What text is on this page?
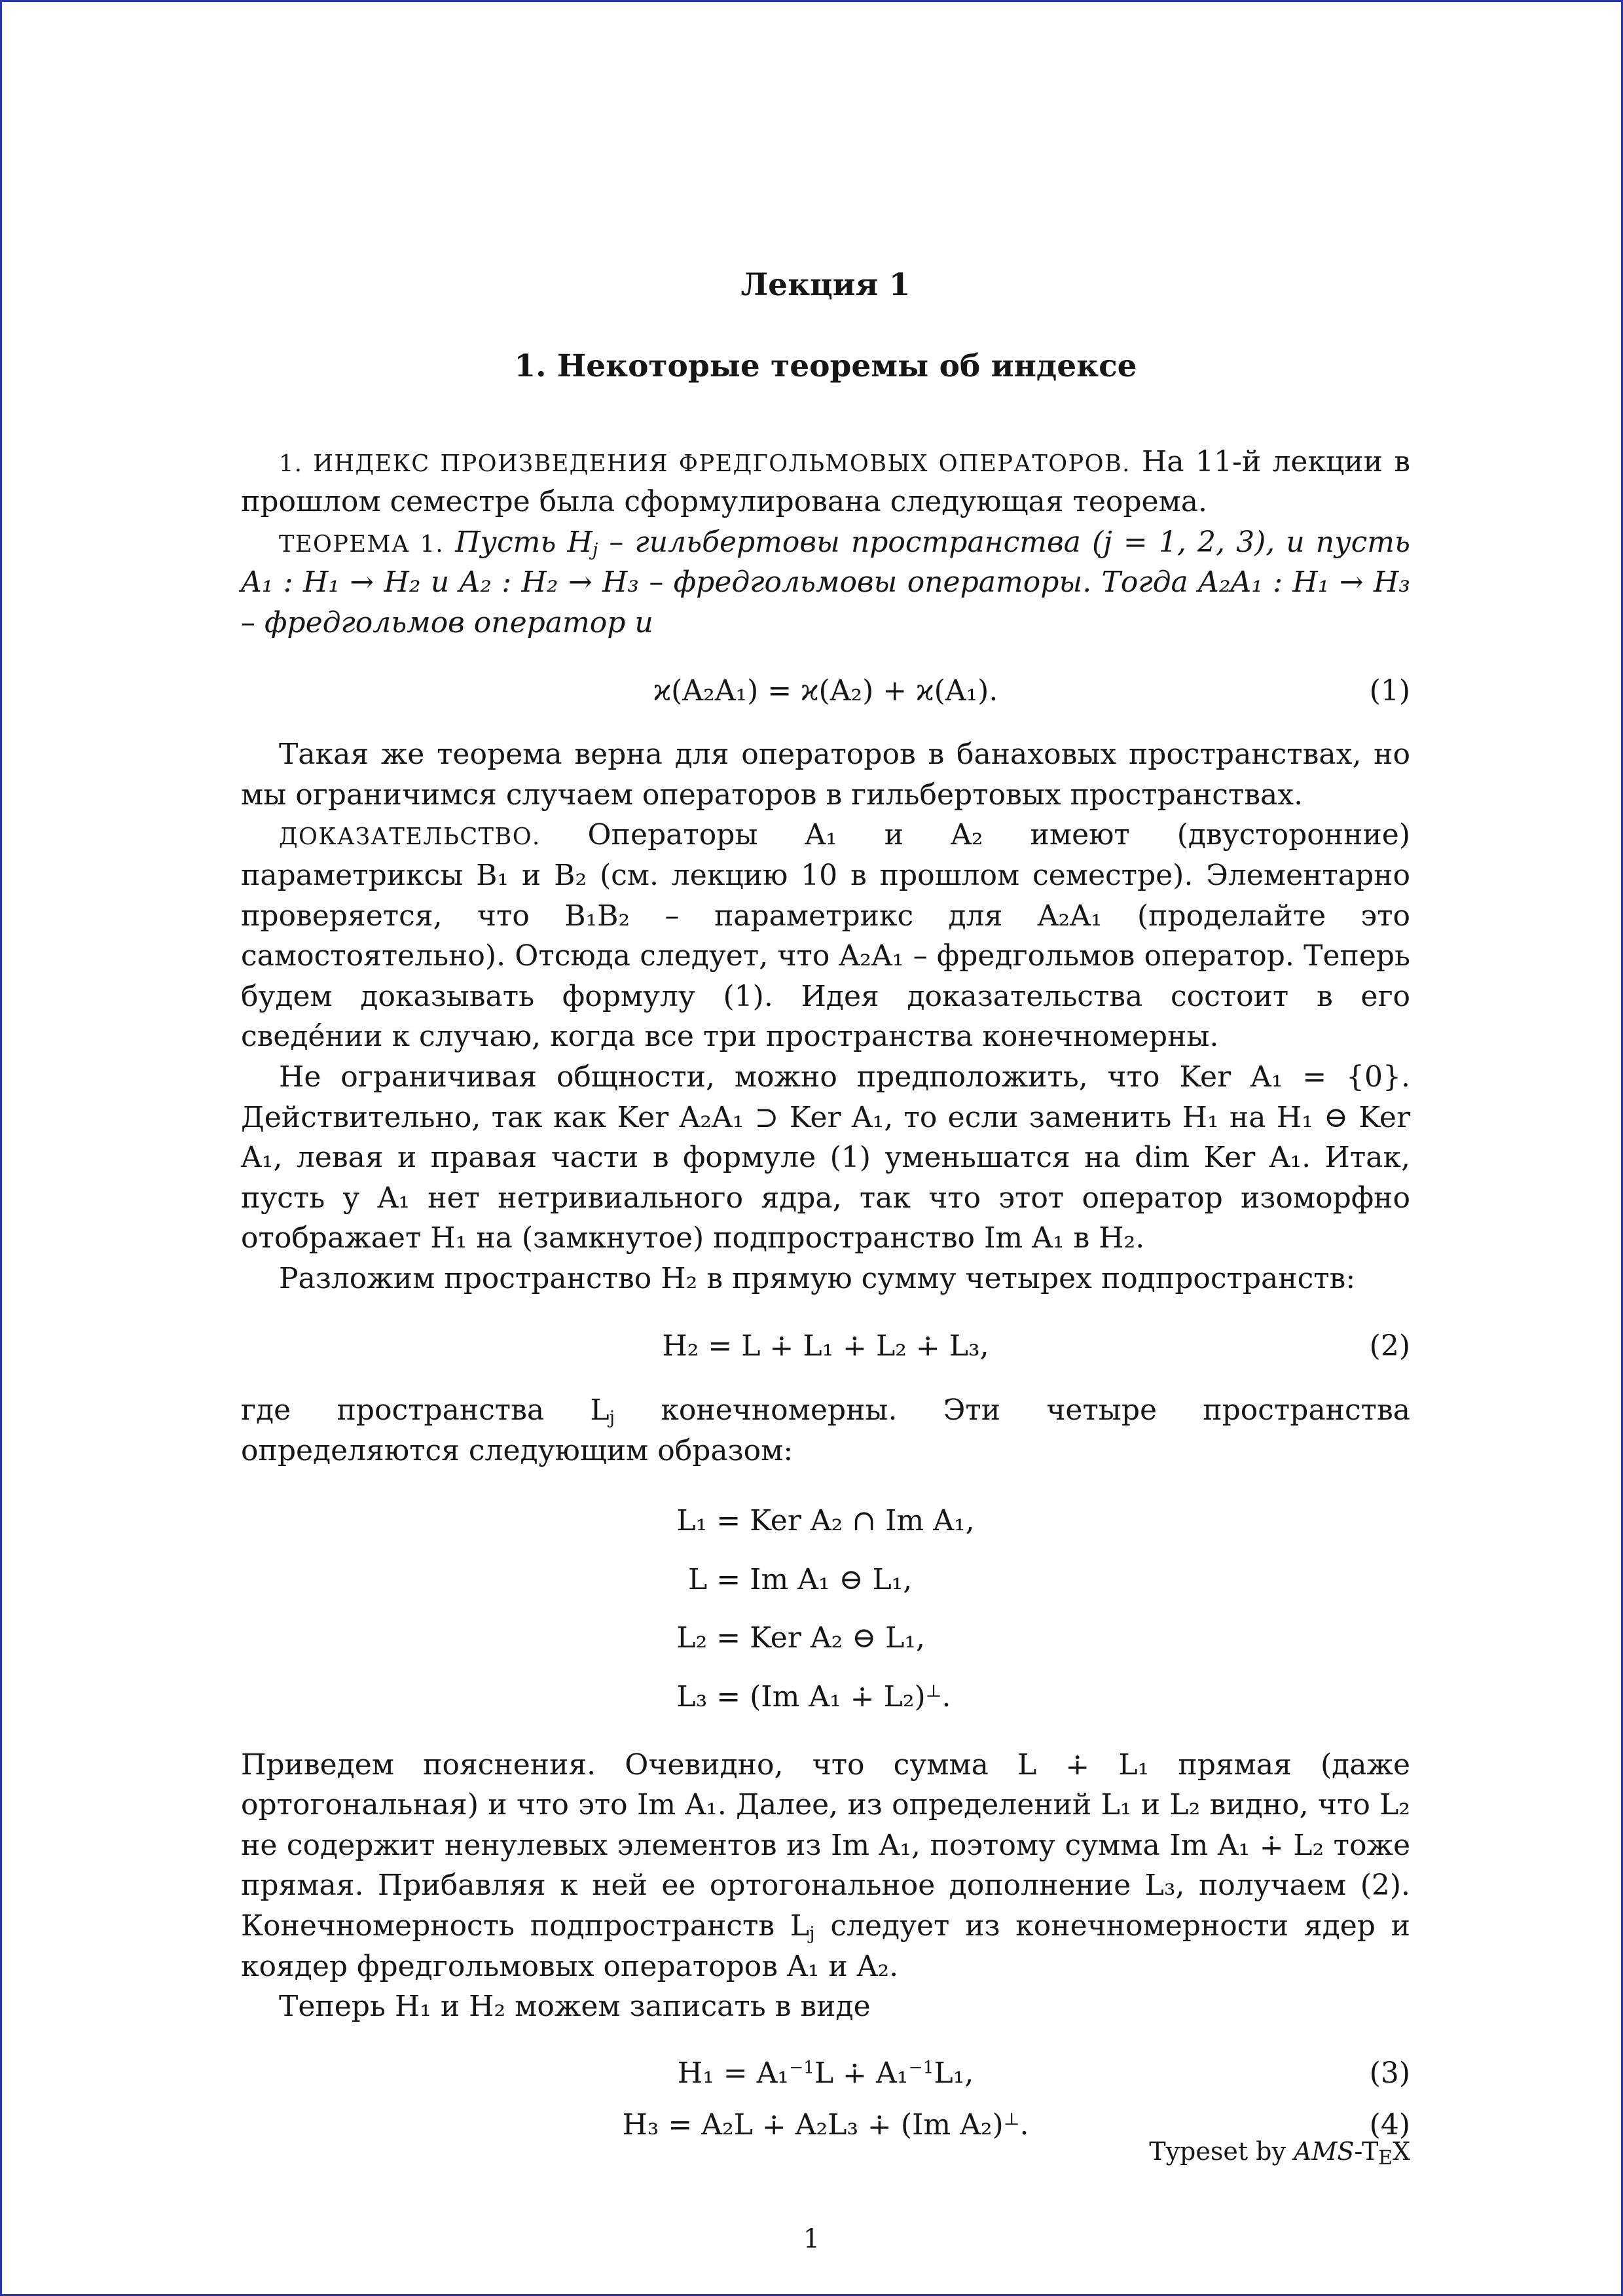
Лекция 1
1. Некоторые теоремы об индексе

1. ИНДЕКС ПРОИЗВЕДЕНИЯ ФРЕДГОЛЬМОВЫХ ОПЕРАТОРОВ. На 11-й лекции в прошлом семестре была сформулирована следующая теорема.

ТЕОРЕМА 1. Пусть $H_j$ – гильбертовы пространства (j = 1, 2, 3), и пусть A₁ : H₁ → H₂ и A₂ : H₂ → H₃ – фредгольмовы операторы. Тогда A₂A₁ : H₁ → H₃ – фредгольмов оператор и

ϰ(A₂A₁) = ϰ(A₂) + ϰ(A₁).	(1)

Такая же теорема верна для операторов в банаховых пространствах, но мы ограничимся случаем операторов в гильбертовых пространствах.

ДОКАЗАТЕЛЬСТВО. Операторы A₁ и A₂ имеют (двусторонние) параметриксы B₁ и B₂ (см. лекцию 10 в прошлом семестре). Элементарно проверяется, что B₁B₂ – параметрикс для A₂A₁ (проделайте это самостоятельно). Отсюда следует, что A₂A₁ – фредгольмов оператор. Теперь будем доказывать формулу (1). Идея доказательства состоит в его сведе́нии к случаю, когда все три пространства конечномерны.

Не ограничивая общности, можно предположить, что Ker A₁ = {0}. Действительно, так как Ker A₂A₁ ⊃ Ker A₁, то если заменить H₁ на H₁ ⊖ Ker A₁, левая и правая части в формуле (1) уменьшатся на dim Ker A₁. Итак, пусть у A₁ нет нетривиального ядра, так что этот оператор изоморфно отображает H₁ на (замкнутое) подпространство Im A₁ в H₂.

Разложим пространство H₂ в прямую сумму четырех подпространств:

H₂ = L ∔ L₁ ∔ L₂ ∔ L₃,	(2)

где пространства $L_j$ конечномерны. Эти четыре пространства определяются следующим образом:

L₁ = Ker A₂ ∩ Im A₁,
L = Im A₁ ⊖ L₁,
L₂ = Ker A₂ ⊖ L₁,
L₃ = (Im A₁ ∔ L₂)⊥.

Приведем пояснения. Очевидно, что сумма L ∔ L₁ прямая (даже ортогональная) и что это Im A₁. Далее, из определений L₁ и L₂ видно, что L₂ не содержит ненулевых элементов из Im A₁, поэтому сумма Im A₁ ∔ L₂ тоже прямая. Прибавляя к ней ее ортогональное дополнение L₃, получаем (2). Конечномерность подпространств $L_j$ следует из конечномерности ядер и коядер фредгольмовых операторов A₁ и A₂.

Теперь H₁ и H₂ можем записать в виде

H₁ = A₁$^{-1}$L ∔ A₁$^{-1}$L₁,	(3)
H₃ = A₂L ∔ A₂L₃ ∔ (Im A₂)⊥.	(4)
Typeset by AMS-TEX
1
